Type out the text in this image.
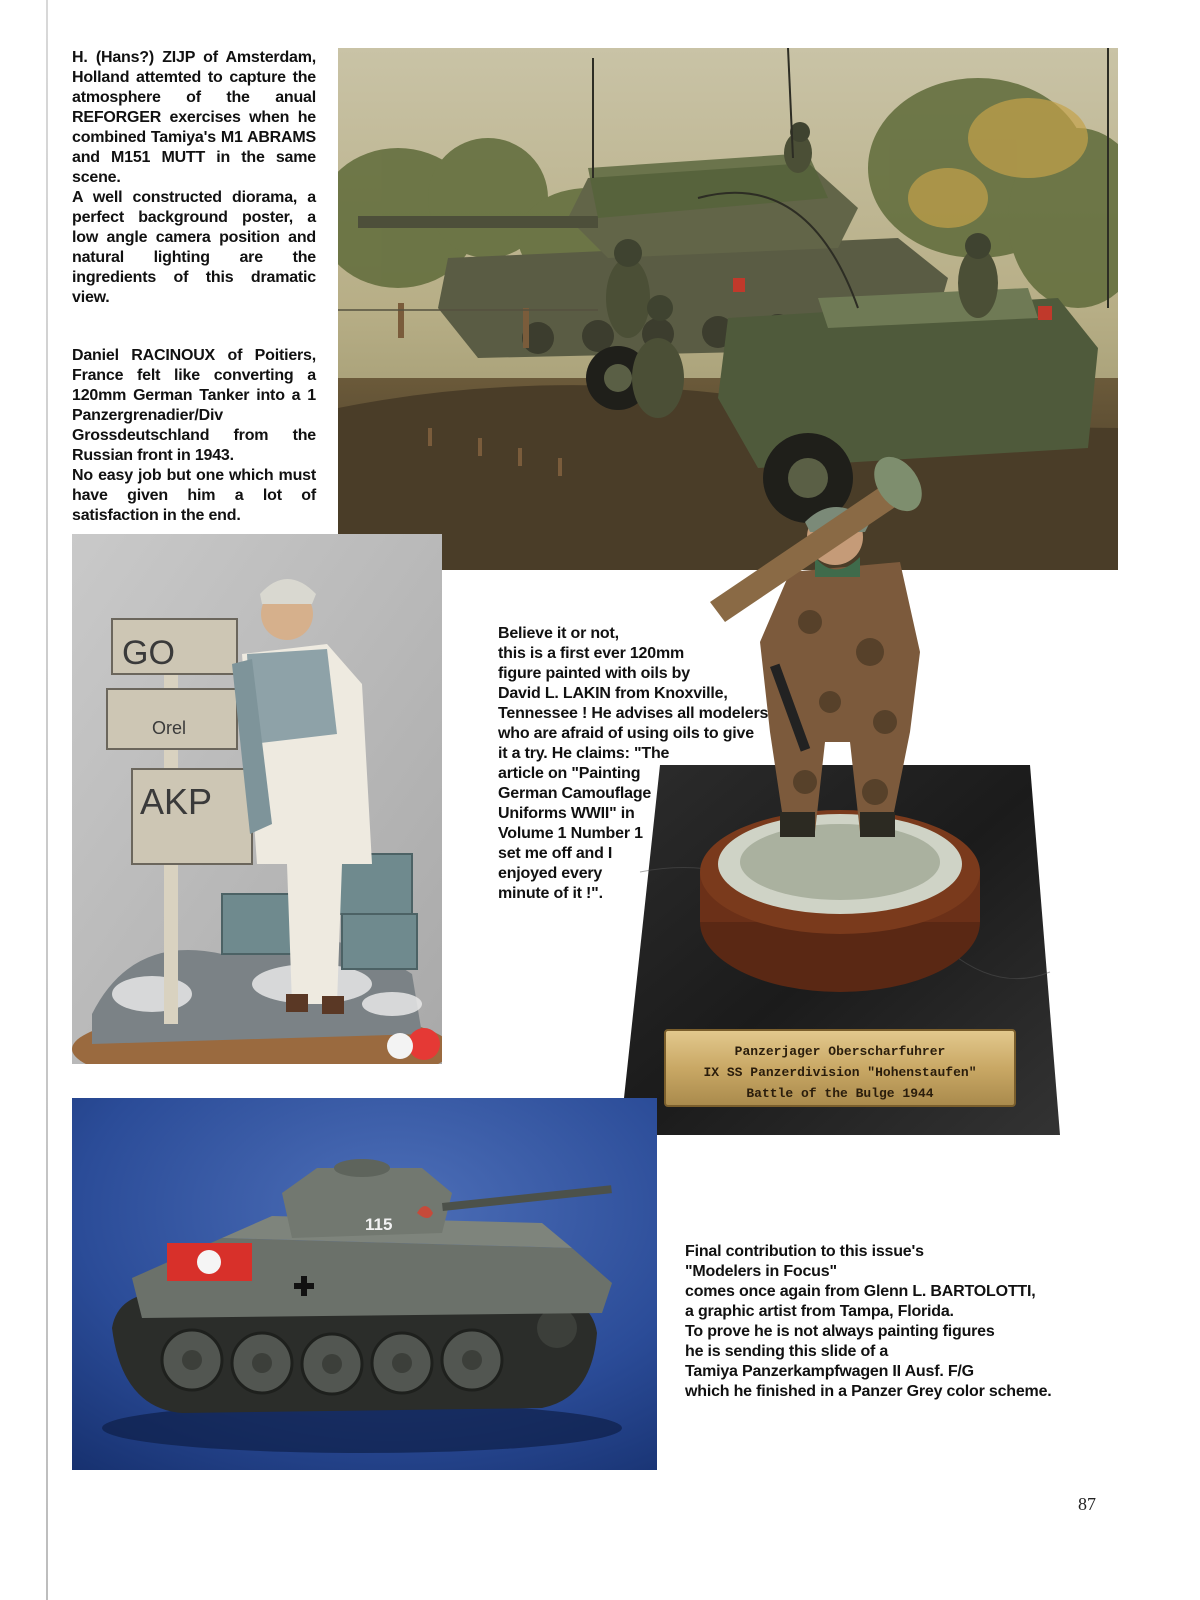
H. (Hans?) ZIJP of Amsterdam, Holland attemted to capture the atmosphere of the anual REFORGER exercises when he combined Tamiya's M1 ABRAMS and M151 MUTT in the same scene.

A well constructed diorama, a perfect background poster, a low angle camera position and natural lighting are the ingredients of this dramatic view.

Daniel RACINOUX of Poitiers, France felt like converting a 120mm German Tanker into a 1 Panzergrenadier/Div Grossdeutschland from the Russian front in 1943.

No easy job but one which must have given him a lot of satisfaction in the end.

GO
Orel
AKP
Believe it or not,
this is a first ever 120mm
figure painted with oils by
David L. LAKIN from Knoxville,
Tennessee ! He advises all modelers
who are afraid of using oils to give
it a try. He claims: "The
article on "Painting
German Camouflage
Uniforms WWII" in
Volume 1 Number 1
set me off and I
enjoyed every
minute of it !".
Panzerjager Oberscharfuhrer
IX SS Panzerdivision "Hohenstaufen"
Battle of the Bulge 1944
115
Final contribution to this issue's
"Modelers in Focus"
comes once again from Glenn L. BARTOLOTTI,
a graphic artist from Tampa, Florida.
To prove he is not always painting figures
he is sending this slide of a
Tamiya Panzerkampfwagen II Ausf. F/G
which he finished in a Panzer Grey color scheme.
87
